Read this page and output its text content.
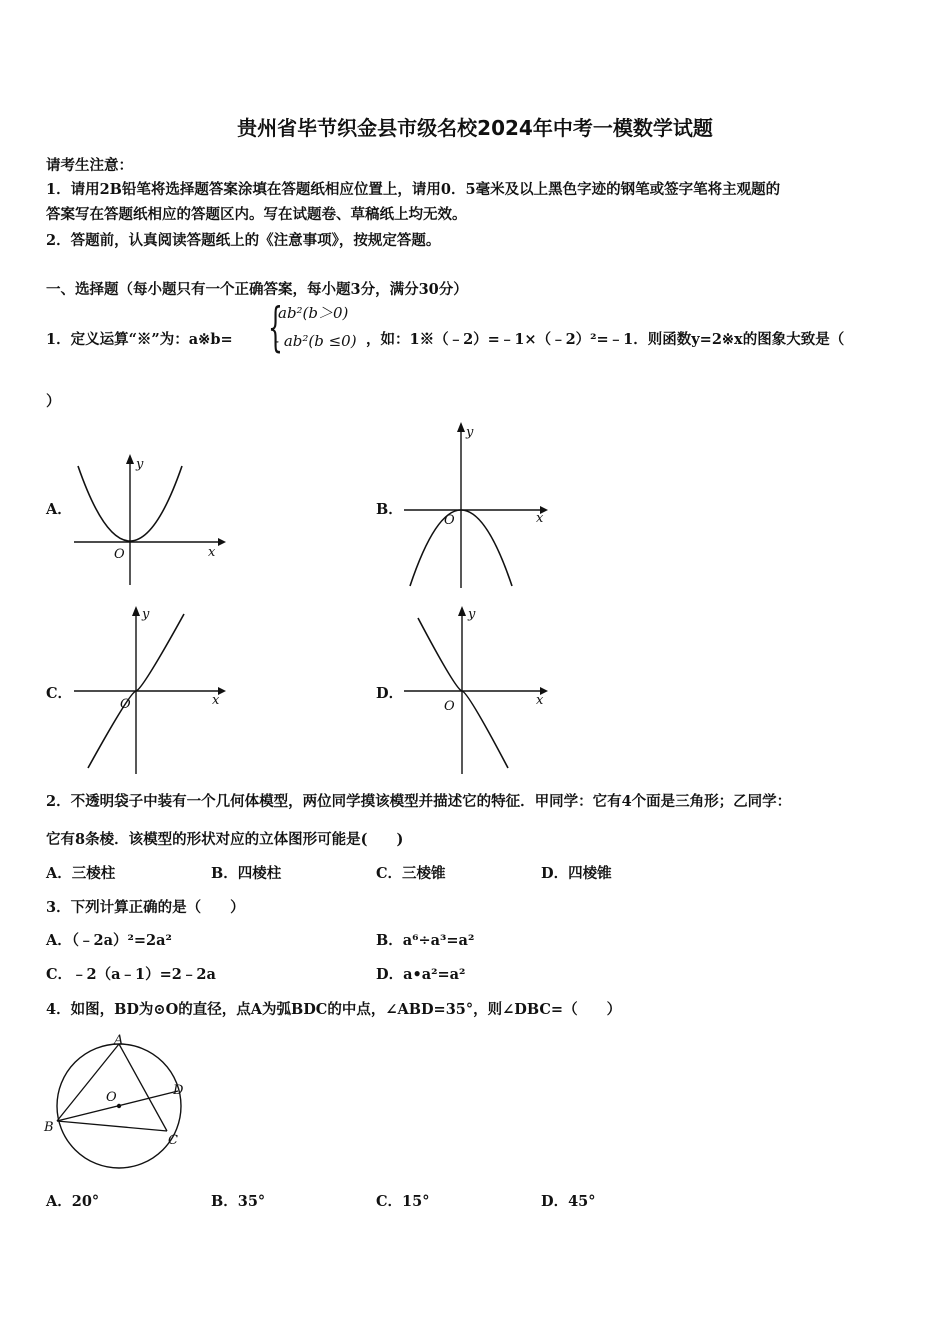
贵州省毕节织金县市级名校2024年中考一模数学试题
请考生注意：
1．请用2B铅笔将选择题答案涂填在答题纸相应位置上，请用0．5毫米及以上黑色字迹的钢笔或签字笔将主观题的
答案写在答题纸相应的答题区内。写在试题卷、草稿纸上均无效。
2．答题前，认真阅读答题纸上的《注意事项》，按规定答题。
一、选择题（每小题只有一个正确答案，每小题3分，满分30分）
1．定义运算“※”为：a※b= {
ab²(b＞0)
- ab²(b ≤0) ，如：1※（﹣2）=﹣1×（﹣2）²=﹣1．则函数y=2※x的图象大致是（
）
A．
y
x
O
B．
y
x
O
C．
y
x
O
D．
y
x
O
2．不透明袋子中装有一个几何体模型，两位同学摸该模型并描述它的特征．甲同学：它有4个面是三角形；乙同学：
它有8条棱．该模型的形状对应的立体图形可能是(　　)
A．三棱柱	B．四棱柱	C．三棱锥	D．四棱锥
3．下列计算正确的是（　　）
A．（﹣2a）²=2a²	B．a⁶÷a³=a²
C．﹣2（a﹣1）=2﹣2a	D．a•a²=a²
4．如图，BD为⊙O的直径，点A为弧BDC的中点，∠ABD=35°，则∠DBC=（　　）
A
B
C
D
O
A．20°	B．35°	C．15°	D．45°
